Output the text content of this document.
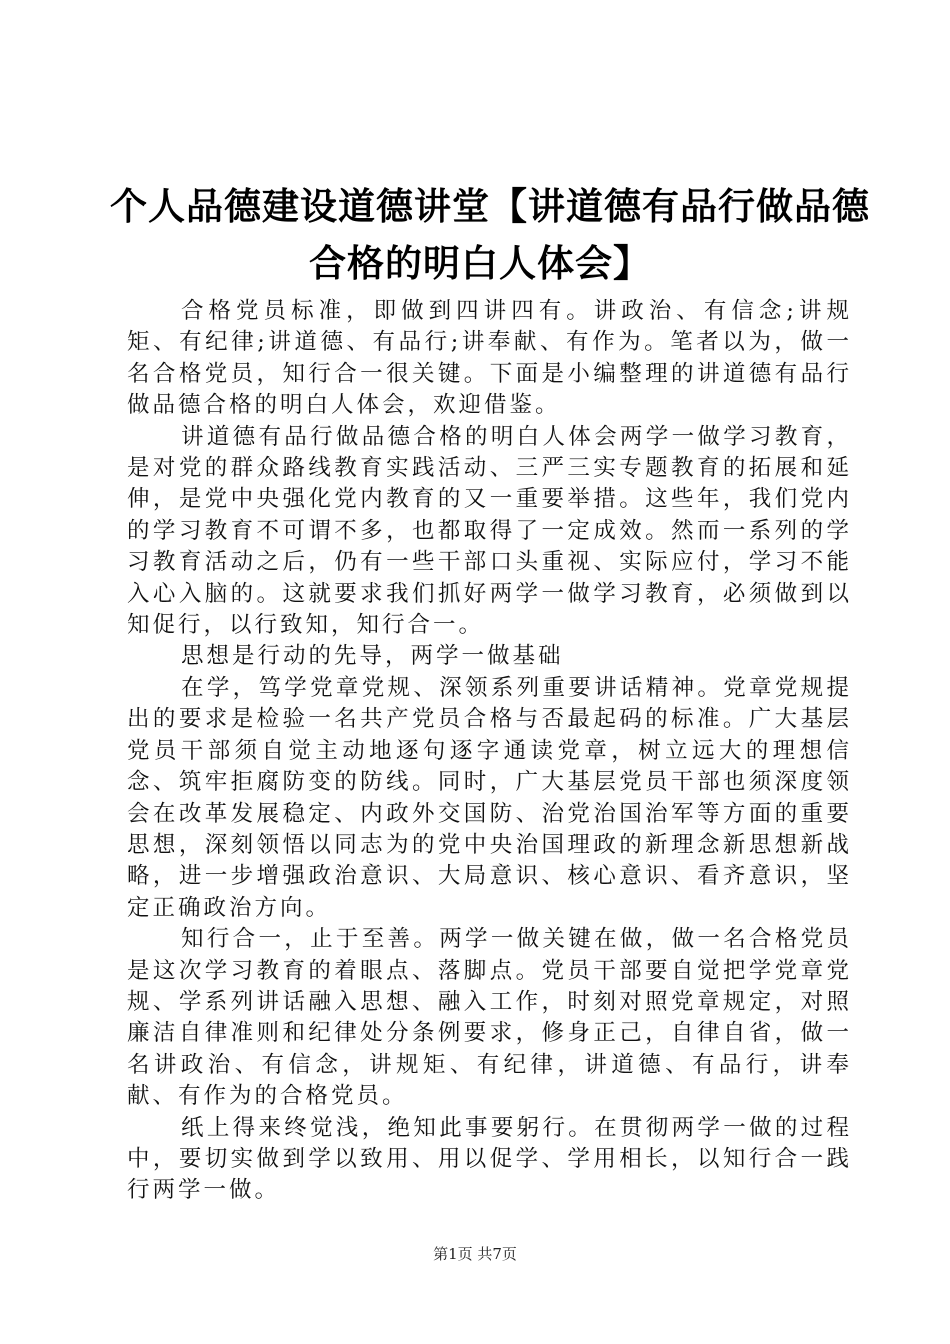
个人品德建设道德讲堂【讲道德有品行做品德
合格的明白人体会】

合格党员标准，即做到四讲四有。讲政治、有信念;讲规矩、有纪律;讲道德、有品行;讲奉献、有作为。笔者以为，做一名合格党员，知行合一很关键。下面是小编整理的讲道德有品行做品德合格的明白人体会，欢迎借鉴。

讲道德有品行做品德合格的明白人体会两学一做学习教育，是对党的群众路线教育实践活动、三严三实专题教育的拓展和延伸，是党中央强化党内教育的又一重要举措。这些年，我们党内的学习教育不可谓不多，也都取得了一定成效。然而一系列的学习教育活动之后，仍有一些干部口头重视、实际应付，学习不能入心入脑的。这就要求我们抓好两学一做学习教育，必须做到以知促行，以行致知，知行合一。

思想是行动的先导，两学一做基础

在学，笃学党章党规、深领系列重要讲话精神。党章党规提出的要求是检验一名共产党员合格与否最起码的标准。广大基层党员干部须自觉主动地逐句逐字通读党章，树立远大的理想信念、筑牢拒腐防变的防线。同时，广大基层党员干部也须深度领会在改革发展稳定、内政外交国防、治党治国治军等方面的重要思想，深刻领悟以同志为的党中央治国理政的新理念新思想新战略，进一步增强政治意识、大局意识、核心意识、看齐意识，坚定正确政治方向。

知行合一，止于至善。两学一做关键在做，做一名合格党员是这次学习教育的着眼点、落脚点。党员干部要自觉把学党章党规、学系列讲话融入思想、融入工作，时刻对照党章规定，对照廉洁自律准则和纪律处分条例要求，修身正己，自律自省，做一名讲政治、有信念，讲规矩、有纪律，讲道德、有品行，讲奉献、有作为的合格党员。

纸上得来终觉浅，绝知此事要躬行。在贯彻两学一做的过程中，要切实做到学以致用、用以促学、学用相长，以知行合一践行两学一做。

第1页 共7页
